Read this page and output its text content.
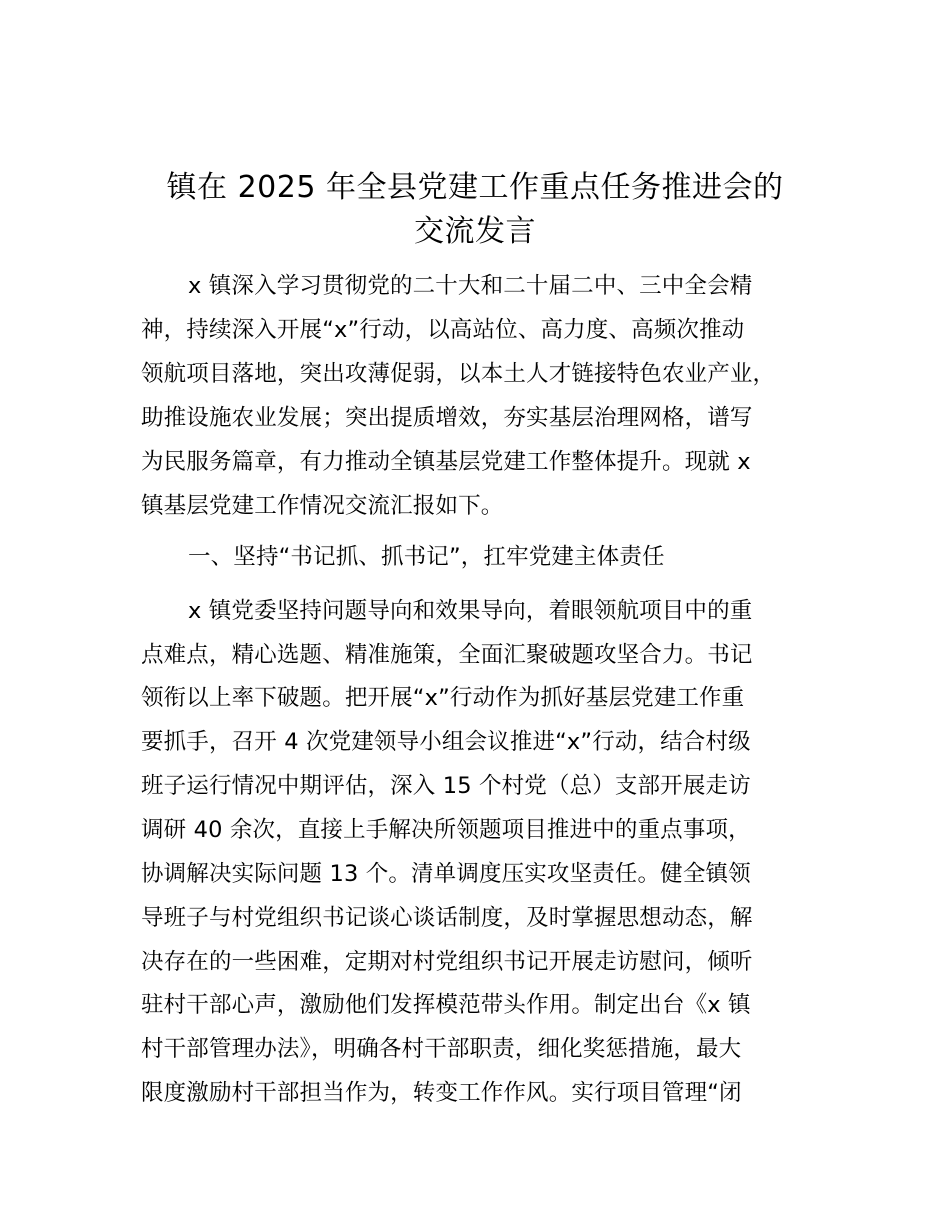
镇在 2025 年全县党建工作重点任务推进会的
交流发言
x 镇深入学习贯彻党的二十大和二十届二中、三中全会精
神，持续深入开展“x”行动，以高站位、高力度、高频次推动
领航项目落地，突出攻薄促弱，以本土人才链接特色农业产业，
助推设施农业发展；突出提质增效，夯实基层治理网格，谱写
为民服务篇章，有力推动全镇基层党建工作整体提升。现就 x
镇基层党建工作情况交流汇报如下。
一、坚持“书记抓、抓书记”，扛牢党建主体责任
x 镇党委坚持问题导向和效果导向，着眼领航项目中的重
点难点，精心选题、精准施策，全面汇聚破题攻坚合力。书记
领衔以上率下破题。把开展“x”行动作为抓好基层党建工作重
要抓手，召开 4 次党建领导小组会议推进“x”行动，结合村级
班子运行情况中期评估，深入 15 个村党（总）支部开展走访
调研 40 余次，直接上手解决所领题项目推进中的重点事项，
协调解决实际问题 13 个。清单调度压实攻坚责任。健全镇领
导班子与村党组织书记谈心谈话制度，及时掌握思想动态，解
决存在的一些困难，定期对村党组织书记开展走访慰问，倾听
驻村干部心声，激励他们发挥模范带头作用。制定出台《x 镇
村干部管理办法》，明确各村干部职责，细化奖惩措施，最大
限度激励村干部担当作为，转变工作作风。实行项目管理“闭
